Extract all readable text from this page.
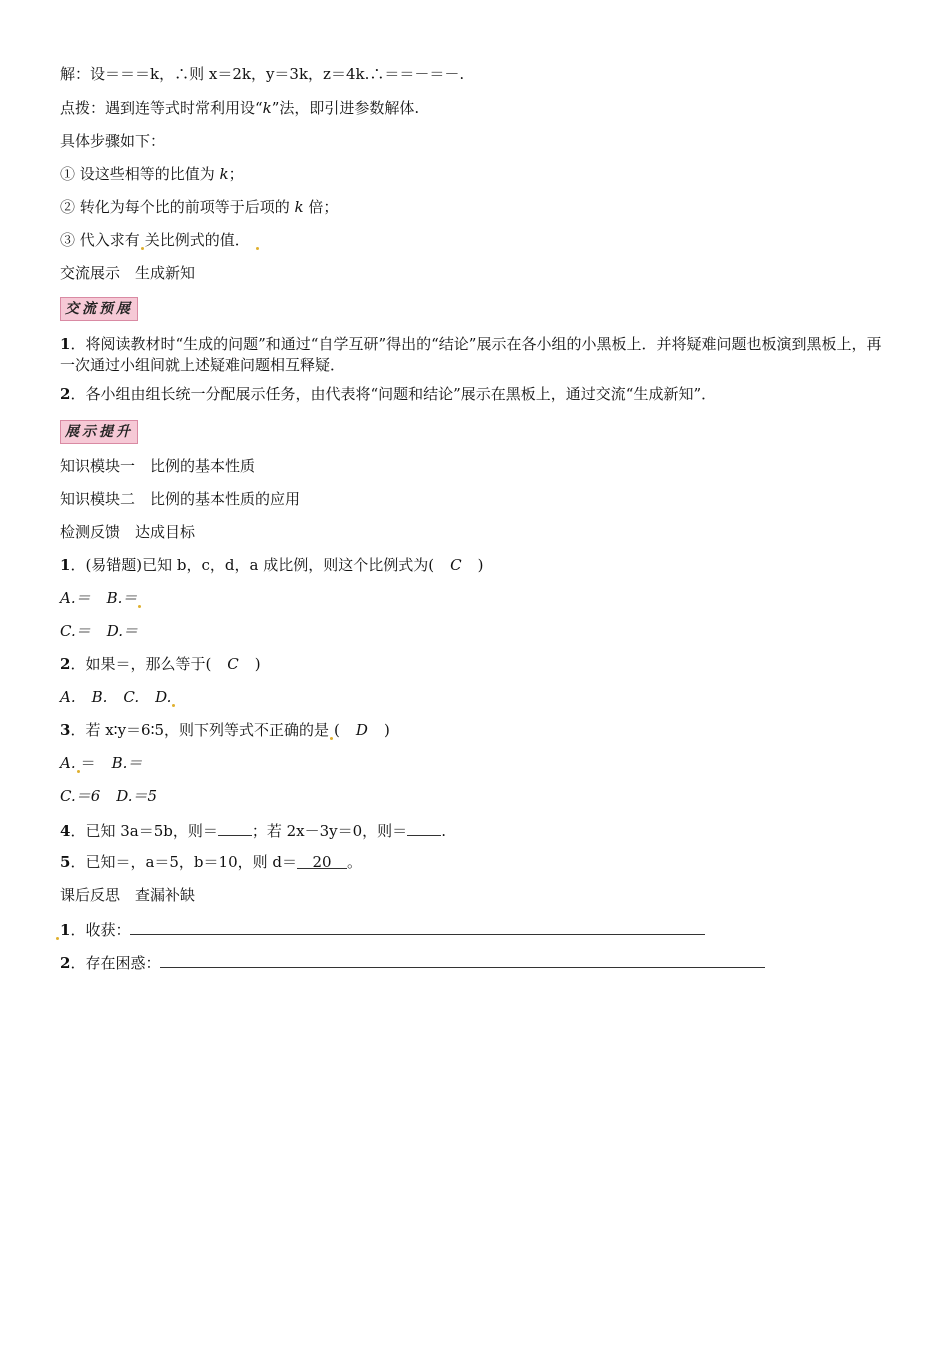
解：设＝＝＝k，∴则 x＝2k，y＝3k，z＝4k.∴＝＝－＝－.
点拨：遇到连等式时常利用设“k”法，即引进参数解体.
具体步骤如下：
① 设这些相等的比值为 k；
② 转化为每个比的前项等于后项的 k 倍；
③ 代入求有 关比例式的值．
交流展示　生成新知
交流预展
1．将阅读教材时“生成的问题”和通过“自学互研”得出的“结论”展示在各小组的小黑板上．并将疑难问题也板演到黑板上，再一次通过小组间就上述疑难问题相互释疑．
2．各小组由组长统一分配展示任务，由代表将“问题和结论”展示在黑板上，通过交流“生成新知”．
展示提升
知识模块一　比例的基本性质
知识模块二　比例的基本性质的应用
检测反馈　达成目标
1．(易错题)已知 b，c，d，a 成比例，则这个比例式为( C )
A.＝ B.＝
C.＝ D.＝
2．如果＝，那么等于( C )
A. B. C. D.
3．若 x∶y＝6∶5，则下列等式不正确的是 ( D )
A. ＝ B.＝
C.＝6 D.＝5
4．已知 3a＝5b，则＝ ；若 2x－3y＝0，则＝ .
5．已知＝，a＝5，b＝10，则 d＝ 20 。
课后反思　查漏补缺
1．收获：
2．存在困惑：
